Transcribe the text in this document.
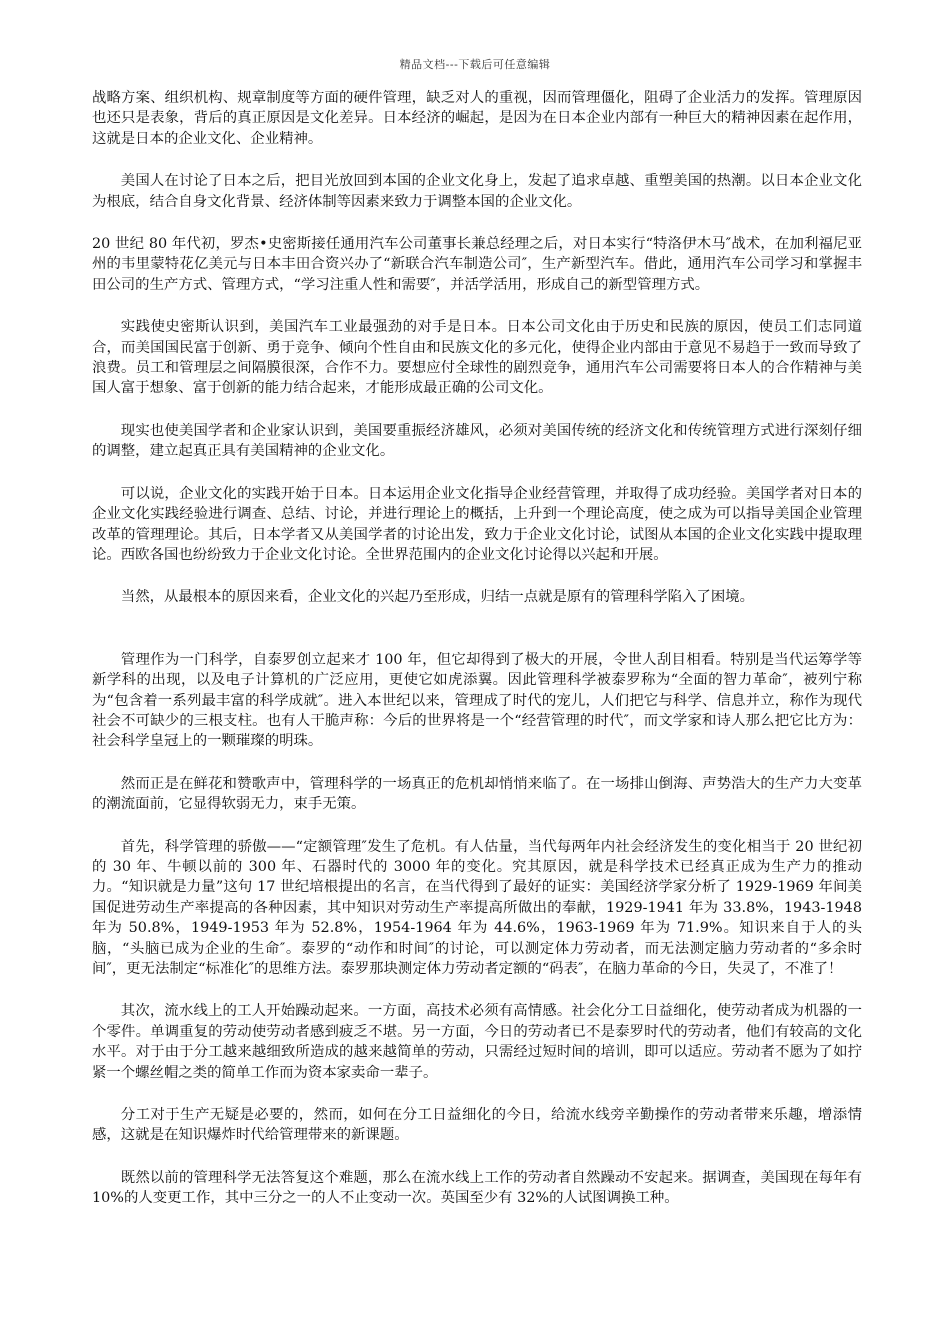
精品文档---下载后可任意编辑

战略方案、组织机构、规章制度等方面的硬件管理，缺乏对人的重视，因而管理僵化，阻碍了企业活力的发挥。管理原因也还只是表象，背后的真正原因是文化差异。日本经济的崛起，是因为在日本企业内部有一种巨大的精神因素在起作用，这就是日本的企业文化、企业精神。

美国人在讨论了日本之后，把目光放回到本国的企业文化身上，发起了追求卓越、重塑美国的热潮。以日本企业文化为根底，结合自身文化背景、经济体制等因素来致力于调整本国的企业文化。

20 世纪 80 年代初，罗杰•史密斯接任通用汽车公司董事长兼总经理之后，对日本实行“特洛伊木马″战术，在加利福尼亚州的韦里蒙特花亿美元与日本丰田合资兴办了“新联合汽车制造公司″，生产新型汽车。借此，通用汽车公司学习和掌握丰田公司的生产方式、管理方式，“学习注重人性和需要″，并活学活用，形成自己的新型管理方式。

实践使史密斯认识到，美国汽车工业最强劲的对手是日本。日本公司文化由于历史和民族的原因，使员工们志同道合，而美国国民富于创新、勇于竞争、倾向个性自由和民族文化的多元化，使得企业内部由于意见不易趋于一致而导致了浪费。员工和管理层之间隔膜很深，合作不力。要想应付全球性的剧烈竞争，通用汽车公司需要将日本人的合作精神与美国人富于想象、富于创新的能力结合起来，才能形成最正确的公司文化。

现实也使美国学者和企业家认识到，美国要重振经济雄风，必须对美国传统的经济文化和传统管理方式进行深刻仔细的调整，建立起真正具有美国精神的企业文化。

可以说，企业文化的实践开始于日本。日本运用企业文化指导企业经营管理，并取得了成功经验。美国学者对日本的企业文化实践经验进行调查、总结、讨论，并进行理论上的概括，上升到一个理论高度，使之成为可以指导美国企业管理改革的管理理论。其后，日本学者又从美国学者的讨论出发，致力于企业文化讨论，试图从本国的企业文化实践中提取理论。西欧各国也纷纷致力于企业文化讨论。全世界范围内的企业文化讨论得以兴起和开展。

当然，从最根本的原因来看，企业文化的兴起乃至形成，归结一点就是原有的管理科学陷入了困境。

管理作为一门科学，自泰罗创立起来才 100 年，但它却得到了极大的开展，令世人刮目相看。特别是当代运筹学等新学科的出现，以及电子计算机的广泛应用，更使它如虎添翼。因此管理科学被泰罗称为“全面的智力革命″，被列宁称为“包含着一系列最丰富的科学成就″。进入本世纪以来，管理成了时代的宠儿，人们把它与科学、信息并立，称作为现代社会不可缺少的三根支柱。也有人干脆声称：今后的世界将是一个“经营管理的时代″，而文学家和诗人那么把它比方为：社会科学皇冠上的一颗璀璨的明珠。

然而正是在鲜花和赞歌声中，管理科学的一场真正的危机却悄悄来临了。在一场排山倒海、声势浩大的生产力大变革的潮流面前，它显得软弱无力，束手无策。

首先，科学管理的骄傲——“定额管理″发生了危机。有人估量，当代每两年内社会经济发生的变化相当于 20 世纪初的 30 年、牛顿以前的 300 年、石器时代的 3000 年的变化。究其原因，就是科学技术已经真正成为生产力的推动力。“知识就是力量”这句 17 世纪培根提出的名言，在当代得到了最好的证实：美国经济学家分析了 1929-1969 年间美国促进劳动生产率提高的各种因素，其中知识对劳动生产率提高所做出的奉献，1929-1941 年为 33.8%，1943-1948 年为 50.8%，1949-1953 年为 52.8%，1954-1964 年为 44.6%，1963-1969 年为 71.9%。知识来自于人的头脑，“头脑已成为企业的生命″。泰罗的“动作和时间″的讨论，可以测定体力劳动者，而无法测定脑力劳动者的“多余时间″，更无法制定“标准化″的思维方法。泰罗那块测定体力劳动者定额的“码表″，在脑力革命的今日，失灵了，不准了！

其次，流水线上的工人开始躁动起来。一方面，高技术必须有高情感。社会化分工日益细化，使劳动者成为机器的一个零件。单调重复的劳动使劳动者感到疲乏不堪。另一方面，今日的劳动者已不是泰罗时代的劳动者，他们有较高的文化水平。对于由于分工越来越细致所造成的越来越简单的劳动，只需经过短时间的培训，即可以适应。劳动者不愿为了如拧紧一个螺丝帽之类的简单工作而为资本家卖命一辈子。

分工对于生产无疑是必要的，然而，如何在分工日益细化的今日，给流水线旁辛勤操作的劳动者带来乐趣，增添情感，这就是在知识爆炸时代给管理带来的新课题。

既然以前的管理科学无法答复这个难题，那么在流水线上工作的劳动者自然躁动不安起来。据调查，美国现在每年有 10%的人变更工作，其中三分之一的人不止变动一次。英国至少有 32%的人试图调换工种。
